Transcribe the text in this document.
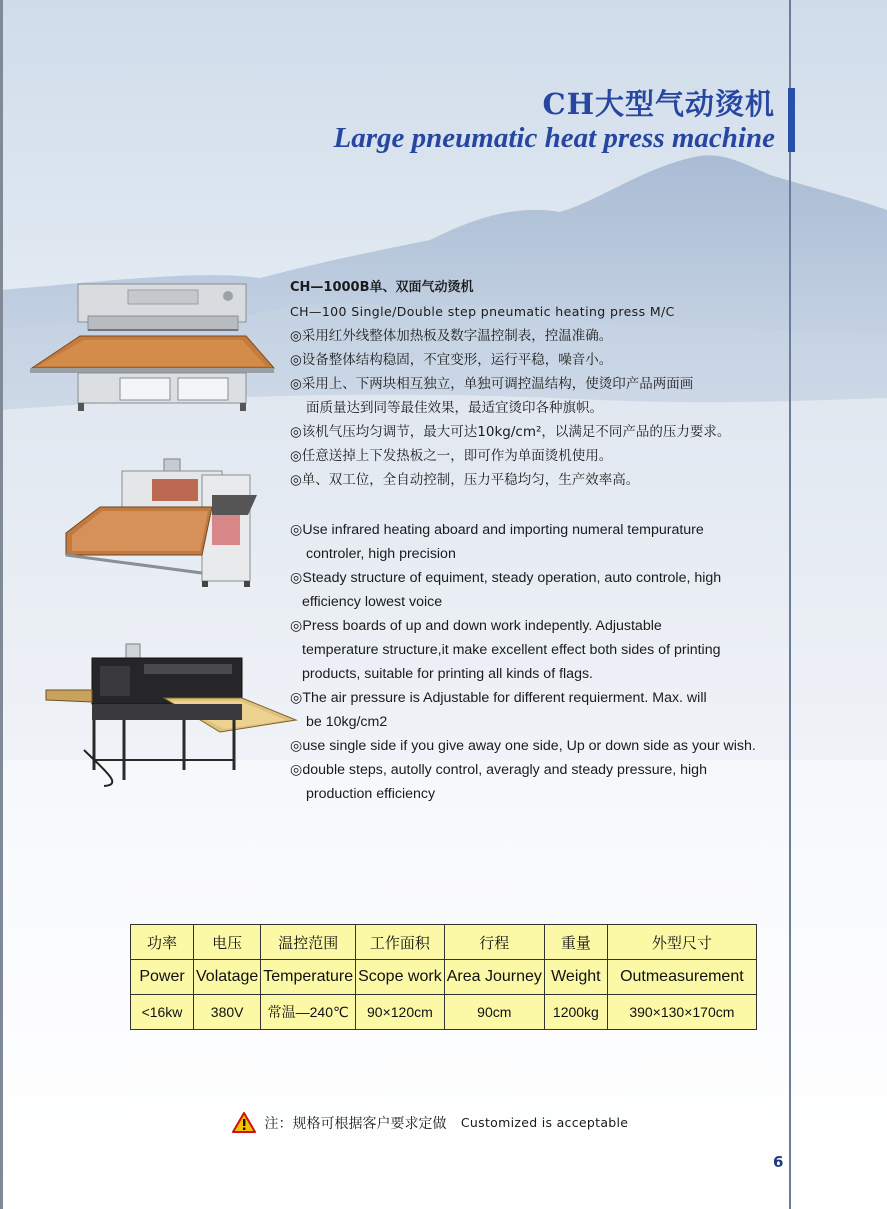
CH大型气动烫机
Large pneumatic heat press machine
CH—1000B单、双面气动烫机
CH—100 Single/Double step pneumatic heating press M/C
◎采用红外线整体加热板及数字温控制表，控温准确。
◎设备整体结构稳固，不宜变形，运行平稳，噪音小。
◎采用上、下两块相互独立，单独可调控温结构，使烫印产品两面画
面质量达到同等最佳效果，最适宜烫印各种旗帜。
◎该机气压均匀调节，最大可达10kg/cm²，以满足不同产品的压力要求。
◎任意送掉上下发热板之一，即可作为单面烫机使用。
◎单、双工位，全自动控制，压力平稳均匀，生产效率高。
◎Use infrared heating aboard and importing numeral tempurature
controler, high precision
◎Steady structure of equiment, steady operation, auto controle, high
efficiency lowest voice
◎Press boards of up and down work indepently. Adjustable
temperature structure,it make excellent effect both sides of printing
products, suitable for printing all kinds of flags.
◎The air pressure is Adjustable for different requierment. Max. will
be 10kg/cm2
◎use single side if you give away one side, Up or down side as your wish.
◎double steps, autolly control, averagly and steady pressure, high
production efficiency
功率	电压	温控范围	工作面积	行程	重量	外型尺寸
Power	Volatage	Temperature	Scope work	Area Journey	Weight	Outmeasurement
<16kw	380V	常温—240℃	90×120cm	90cm	1200kg	390×130×170cm
注：规格可根据客户要求定做 Customized is acceptable
6
